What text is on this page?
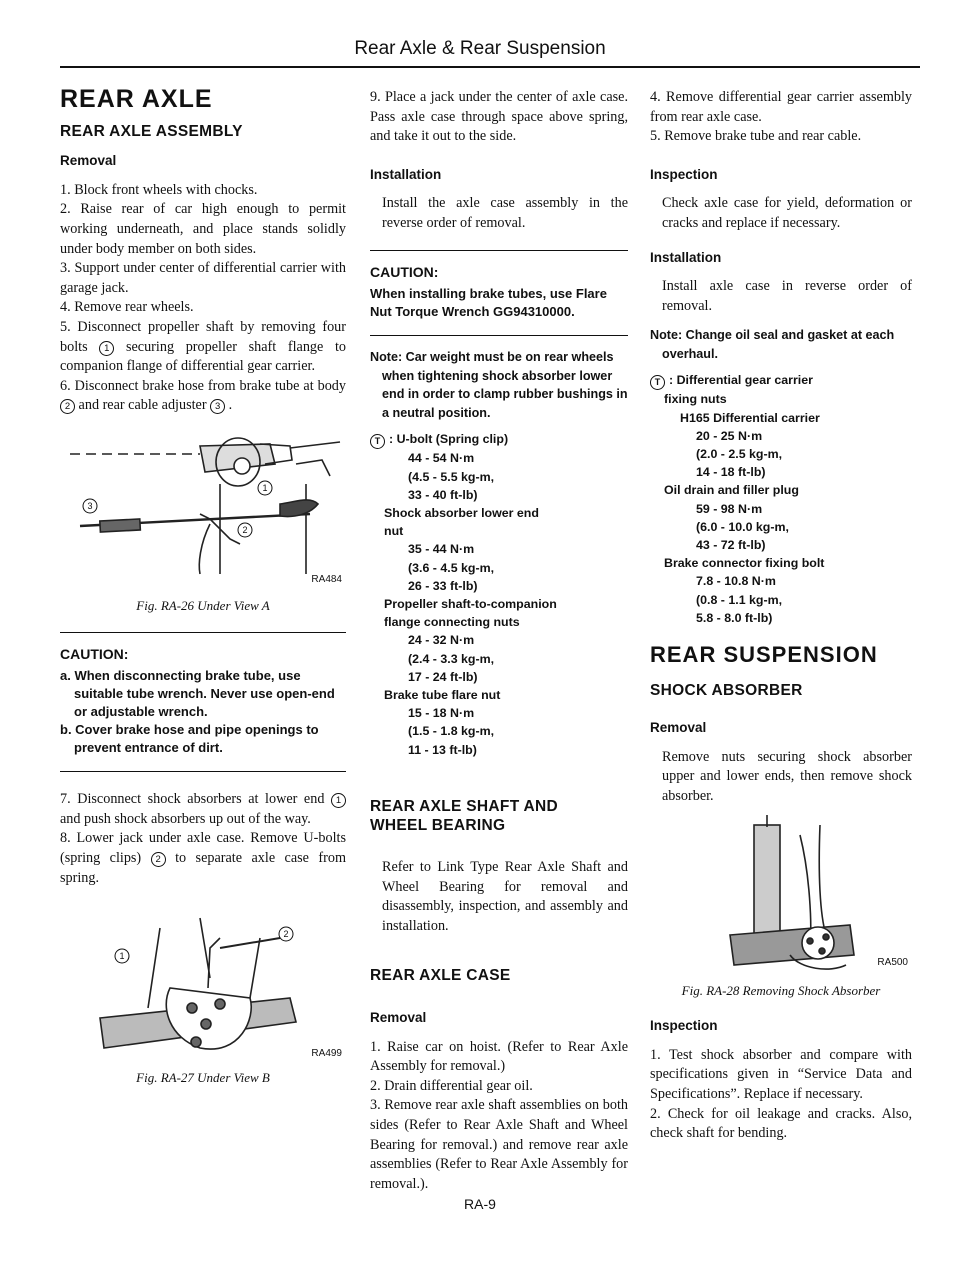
Rear Axle & Rear Suspension
REAR AXLE
REAR AXLE ASSEMBLY
Removal

1. Block front wheels with chocks.

2. Raise rear of car high enough to permit working underneath, and place stands solidly under body member on both sides.

3. Support under center of differential carrier with garage jack.

4. Remove rear wheels.

5. Disconnect propeller shaft by removing four bolts 1 securing propeller shaft flange to companion flange of differential gear carrier.

6. Disconnect brake hose from brake tube at body 2 and rear cable adjuster 3 .

3
1
2
RA484
Fig. RA-26 Under View A
CAUTION:
a. When disconnecting brake tube, use suitable tube wrench. Never use open-end or adjustable wrench.
b. Cover brake hose and pipe openings to prevent entrance of dirt.

7. Disconnect shock absorbers at lower end 1 and push shock absorbers up out of the way.

8. Lower jack under axle case. Remove U-bolts (spring clips) 2 to separate axle case from spring.

1
2
RA499
Fig. RA-27 Under View B

9. Place a jack under the center of axle case. Pass axle case through space above spring, and take it out to the side.

Installation

Install the axle case assembly in the reverse order of removal.

CAUTION:
When installing brake tubes, use Flare Nut Torque Wrench GG94310000.
Note: Car weight must be on rear wheels when tightening shock absorber lower end in order to clamp rubber bushings in a neutral position.
T : U-bolt (Spring clip)
44 - 54 N·m
(4.5 - 5.5 kg-m,
33 - 40 ft-lb)
Shock absorber lower end
nut
35 - 44 N·m
(3.6 - 4.5 kg-m,
26 - 33 ft-lb)
Propeller shaft-to-companion
flange connecting nuts
24 - 32 N·m
(2.4 - 3.3 kg-m,
17 - 24 ft-lb)
Brake tube flare nut
15 - 18 N·m
(1.5 - 1.8 kg-m,
11 - 13 ft-lb)
REAR AXLE SHAFT AND WHEEL BEARING

Refer to Link Type Rear Axle Shaft and Wheel Bearing for removal and disassembly, inspection, and assembly and installation.

REAR AXLE CASE
Removal

1. Raise car on hoist. (Refer to Rear Axle Assembly for removal.)

2. Drain differential gear oil.

3. Remove rear axle shaft assemblies on both sides (Refer to Rear Axle Shaft and Wheel Bearing for removal.) and remove rear axle assemblies (Refer to Rear Axle Assembly for removal.).

4. Remove differential gear carrier assembly from rear axle case.

5. Remove brake tube and rear cable.

Inspection

Check axle case for yield, deformation or cracks and replace if necessary.

Installation

Install axle case in reverse order of removal.

Note: Change oil seal and gasket at each overhaul.
T : Differential gear carrier
fixing nuts
H165 Differential carrier
20 - 25 N·m
(2.0 - 2.5 kg-m,
14 - 18 ft-lb)
Oil drain and filler plug
59 - 98 N·m
(6.0 - 10.0 kg-m,
43 - 72 ft-lb)
Brake connector fixing bolt
7.8 - 10.8 N·m
(0.8 - 1.1 kg-m,
5.8 - 8.0 ft-lb)
REAR SUSPENSION
SHOCK ABSORBER
Removal

Remove nuts securing shock absorber upper and lower ends, then remove shock absorber.

RA500
Fig. RA-28 Removing Shock Absorber
Inspection

1. Test shock absorber and compare with specifications given in “Service Data and Specifications”. Replace if necessary.

2. Check for oil leakage and cracks. Also, check shaft for bending.

RA-9
